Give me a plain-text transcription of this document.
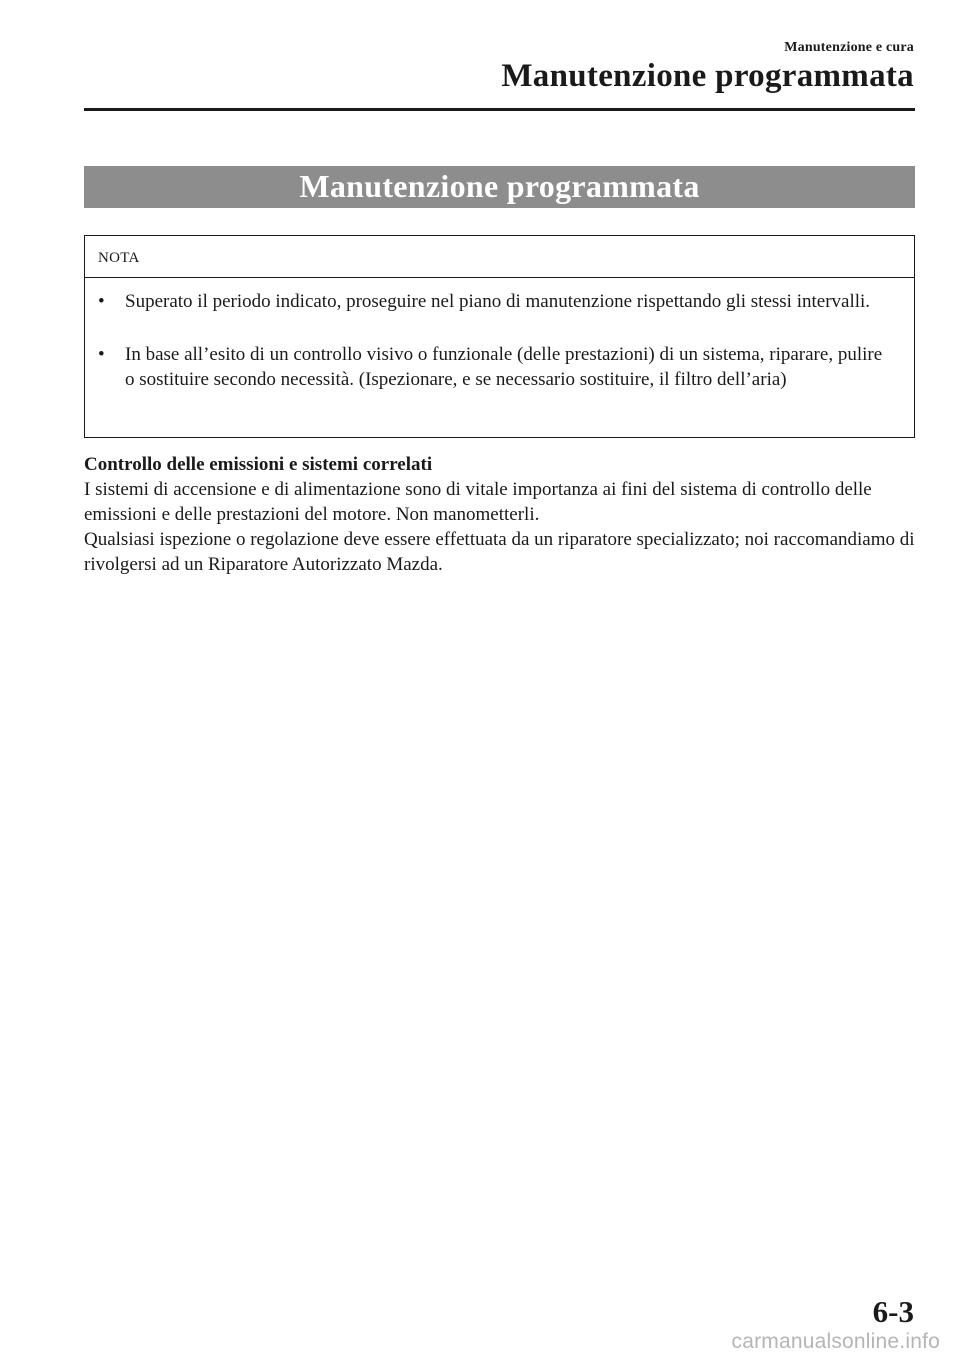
Manutenzione e cura
Manutenzione programmata
Manutenzione programmata
NOTA
•	Superato il periodo indicato, proseguire nel piano di manutenzione rispettando gli stessi intervalli.
•	In base all’esito di un controllo visivo o funzionale (delle prestazioni) di un sistema, riparare, pulire o sostituire secondo necessità. (Ispezionare, e se necessario sostituire, il filtro dell’aria)

Controllo delle emissioni e sistemi correlati

I sistemi di accensione e di alimentazione sono di vitale importanza ai fini del sistema di controllo delle emissioni e delle prestazioni del motore. Non manometterli.

Qualsiasi ispezione o regolazione deve essere effettuata da un riparatore specializzato; noi raccomandiamo di rivolgersi ad un Riparatore Autorizzato Mazda.

6-3
carmanualsonline.info
